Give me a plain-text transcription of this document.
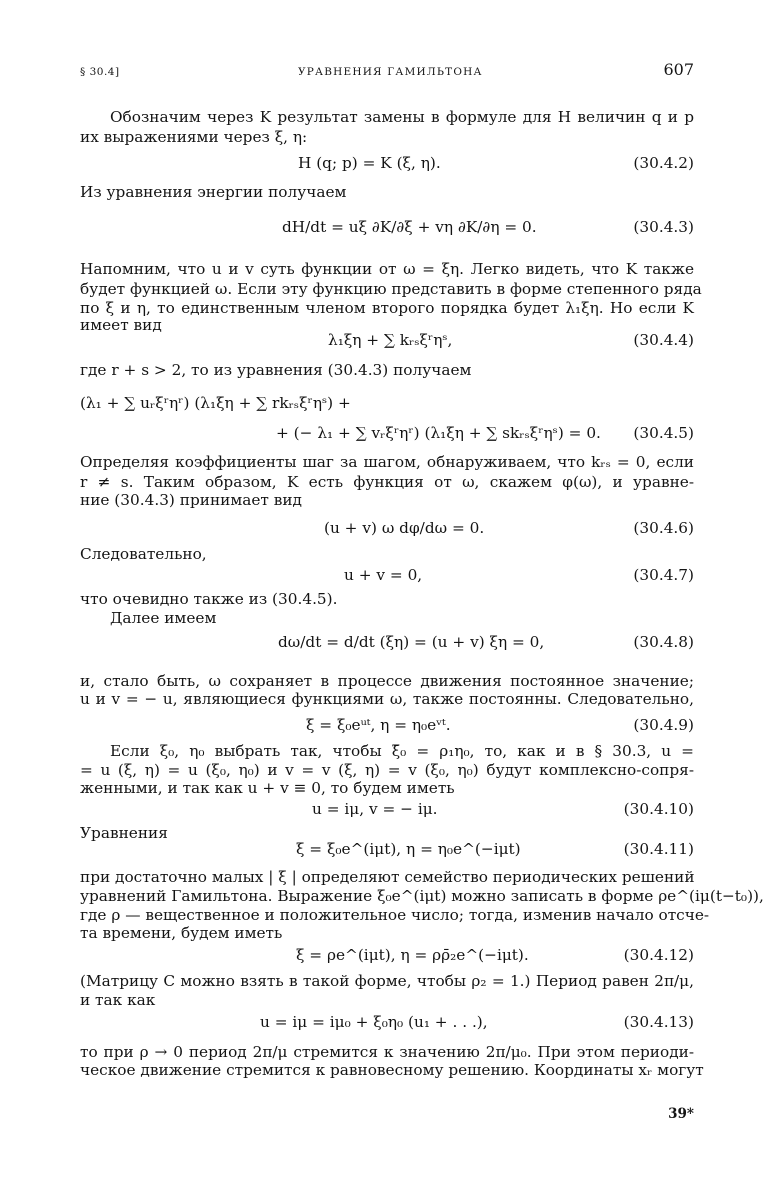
§ 30.4]	УРАВНЕНИЯ ГАМИЛЬТОНА	607
Обозначим через K результат замены в формуле для H величин q и p
их выражениями через ξ, η:
H (q; p) = K (ξ, η).	(30.4.2)
Из уравнения энергии получаем
dH/dt = uξ ∂K/∂ξ + vη ∂K/∂η = 0.	(30.4.3)
Напомним, что u и v суть функции от ω = ξη. Легко видеть, что K также
будет функцией ω. Если эту функцию представить в форме степенного ряда
по ξ и η, то единственным членом второго порядка будет λ₁ξη. Но если K
имеет вид
λ₁ξη + ∑ kᵣₛξʳηˢ,	(30.4.4)
где r + s > 2, то из уравнения (30.4.3) получаем
(λ₁ + ∑ uᵣξʳηʳ) (λ₁ξη + ∑ rkᵣₛξʳηˢ) +
+ (− λ₁ + ∑ vᵣξʳηʳ) (λ₁ξη + ∑ skᵣₛξʳηˢ) = 0. (30.4.5)
Определяя коэффициенты шаг за шагом, обнаруживаем, что kᵣₛ = 0, если
r ≠ s. Таким образом, K есть функция от ω, скажем φ(ω), и уравне-
ние (30.4.3) принимает вид
(u + v) ω dφ/dω = 0.	(30.4.6)
Следовательно,
u + v = 0,	(30.4.7)
что очевидно также из (30.4.5).
Далее имеем
dω/dt = d/dt (ξη) = (u + v) ξη = 0,	(30.4.8)
и, стало быть, ω сохраняет в процессе движения постоянное значение;
u и v = − u, являющиеся функциями ω, также постоянны. Следовательно,
ξ = ξ₀eᵘᵗ, η = η₀eᵛᵗ.	(30.4.9)
Если ξ₀, η₀ выбрать так, чтобы ξ̄₀ = ρ₁η₀, то, как и в § 30.3, u =
= u (ξ, η) = u (ξ₀, η₀) и v = v (ξ, η) = v (ξ₀, η₀) будут комплексно-сопря-
женными, и так как u + v ≡ 0, то будем иметь
u = iμ, v = − iμ.	(30.4.10)
Уравнения
ξ = ξ₀e^(iμt), η = η₀e^(−iμt)	(30.4.11)
при достаточно малых | ξ | определяют семейство периодических решений
уравнений Гамильтона. Выражение ξ₀e^(iμt) можно записать в форме ρe^(iμ(t−t₀)),
где ρ — вещественное и положительное число; тогда, изменив начало отсче-
та времени, будем иметь
ξ = ρe^(iμt), η = ρρ̄₂e^(−iμt).	(30.4.12)
(Матрицу C можно взять в такой форме, чтобы ρ₂ = 1.) Период равен 2π/μ,
и так как
u = iμ = iμ₀ + ξ₀η₀ (u₁ + . . .),	(30.4.13)
то при ρ → 0 период 2π/μ стремится к значению 2π/μ₀. При этом периоди-
ческое движение стремится к равновесному решению. Координаты xᵣ могут
39*
